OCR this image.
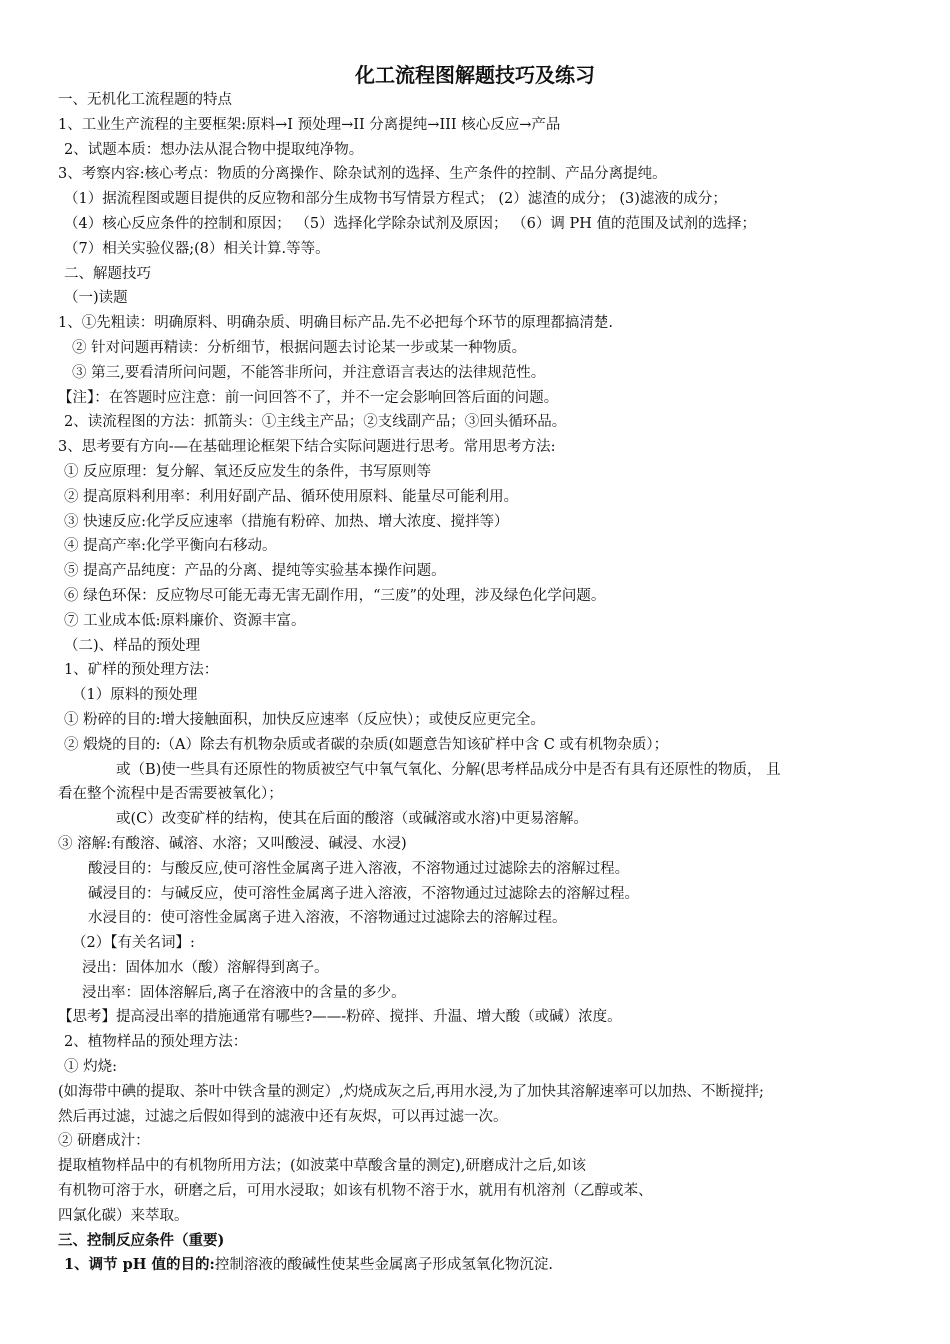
化工流程图解题技巧及练习
一、无机化工流程题的特点
1、工业生产流程的主要框架:原料→I 预处理→II 分离提纯→III 核心反应→产品
2、试题本质：想办法从混合物中提取纯净物。
3、考察内容:核心考点：物质的分离操作、除杂试剂的选择、生产条件的控制、产品分离提纯。
（1）据流程图或题目提供的反应物和部分生成物书写情景方程式； (2）滤渣的成分； (3)滤液的成分；
（4）核心反应条件的控制和原因； （5）选择化学除杂试剂及原因； （6）调 PH 值的范围及试剂的选择；
（7）相关实验仪器;(8）相关计算.等等。
二、解题技巧
（一)读题
1、①先粗读：明确原料、明确杂质、明确目标产品.先不必把每个环节的原理都搞清楚.
② 针对问题再精读：分析细节，根据问题去讨论某一步或某一种物质。
③ 第三,要看清所问问题，不能答非所问，并注意语言表达的法律规范性。
【注】：在答题时应注意：前一问回答不了，并不一定会影响回答后面的问题。
2、读流程图的方法：抓箭头：①主线主产品；②支线副产品；③回头循环品。
3、思考要有方向-—在基础理论框架下结合实际问题进行思考。常用思考方法:
① 反应原理：复分解、氧还反应发生的条件，书写原则等
② 提高原料利用率：利用好副产品、循环使用原料、能量尽可能利用。
③ 快速反应:化学反应速率（措施有粉碎、加热、增大浓度、搅拌等）
④ 提高产率:化学平衡向右移动。
⑤ 提高产品纯度：产品的分离、提纯等实验基本操作问题。
⑥ 绿色环保：反应物尽可能无毒无害无副作用，“三废”的处理，涉及绿色化学问题。
⑦ 工业成本低:原料廉价、资源丰富。
（二)、样品的预处理
1、矿样的预处理方法：
（1）原料的预处理
① 粉碎的目的:增大接触面积，加快反应速率（反应快）；或使反应更完全。
② 煅烧的目的:（A）除去有机物杂质或者碳的杂质(如题意告知该矿样中含 C 或有机物杂质）；
或（B)使一些具有还原性的物质被空气中氧气氧化、分解(思考样品成分中是否有具有还原性的物质， 且
看在整个流程中是否需要被氧化）；
或(C）改变矿样的结构，使其在后面的酸溶（或碱溶或水溶)中更易溶解。
③ 溶解:有酸溶、碱溶、水溶；又叫酸浸、碱浸、水浸)
酸浸目的：与酸反应,使可溶性金属离子进入溶液，不溶物通过过滤除去的溶解过程。
碱浸目的：与碱反应，使可溶性金属离子进入溶液，不溶物通过过滤除去的溶解过程。
水浸目的：使可溶性金属离子进入溶液，不溶物通过过滤除去的溶解过程。
（2）【有关名词】:
浸出：固体加水（酸）溶解得到离子。
浸出率：固体溶解后,离子在溶液中的含量的多少。
【思考】提高浸出率的措施通常有哪些?——-粉碎、搅拌、升温、增大酸（或碱）浓度。
2、植物样品的预处理方法：
① 灼烧:
(如海带中碘的提取、茶叶中铁含量的测定）,灼烧成灰之后,再用水浸,为了加快其溶解速率可以加热、不断搅拌;
然后再过滤，过滤之后假如得到的滤液中还有灰烬，可以再过滤一次。
② 研磨成汁：
提取植物样品中的有机物所用方法；(如波菜中草酸含量的测定),研磨成汁之后,如该
有机物可溶于水，研磨之后，可用水浸取；如该有机物不溶于水，就用有机溶剂（乙醇或苯、
四氯化碳）来萃取。
三、控制反应条件（重要)
1、调节 pH 值的目的:控制溶液的酸碱性使某些金属离子形成氢氧化物沉淀.
